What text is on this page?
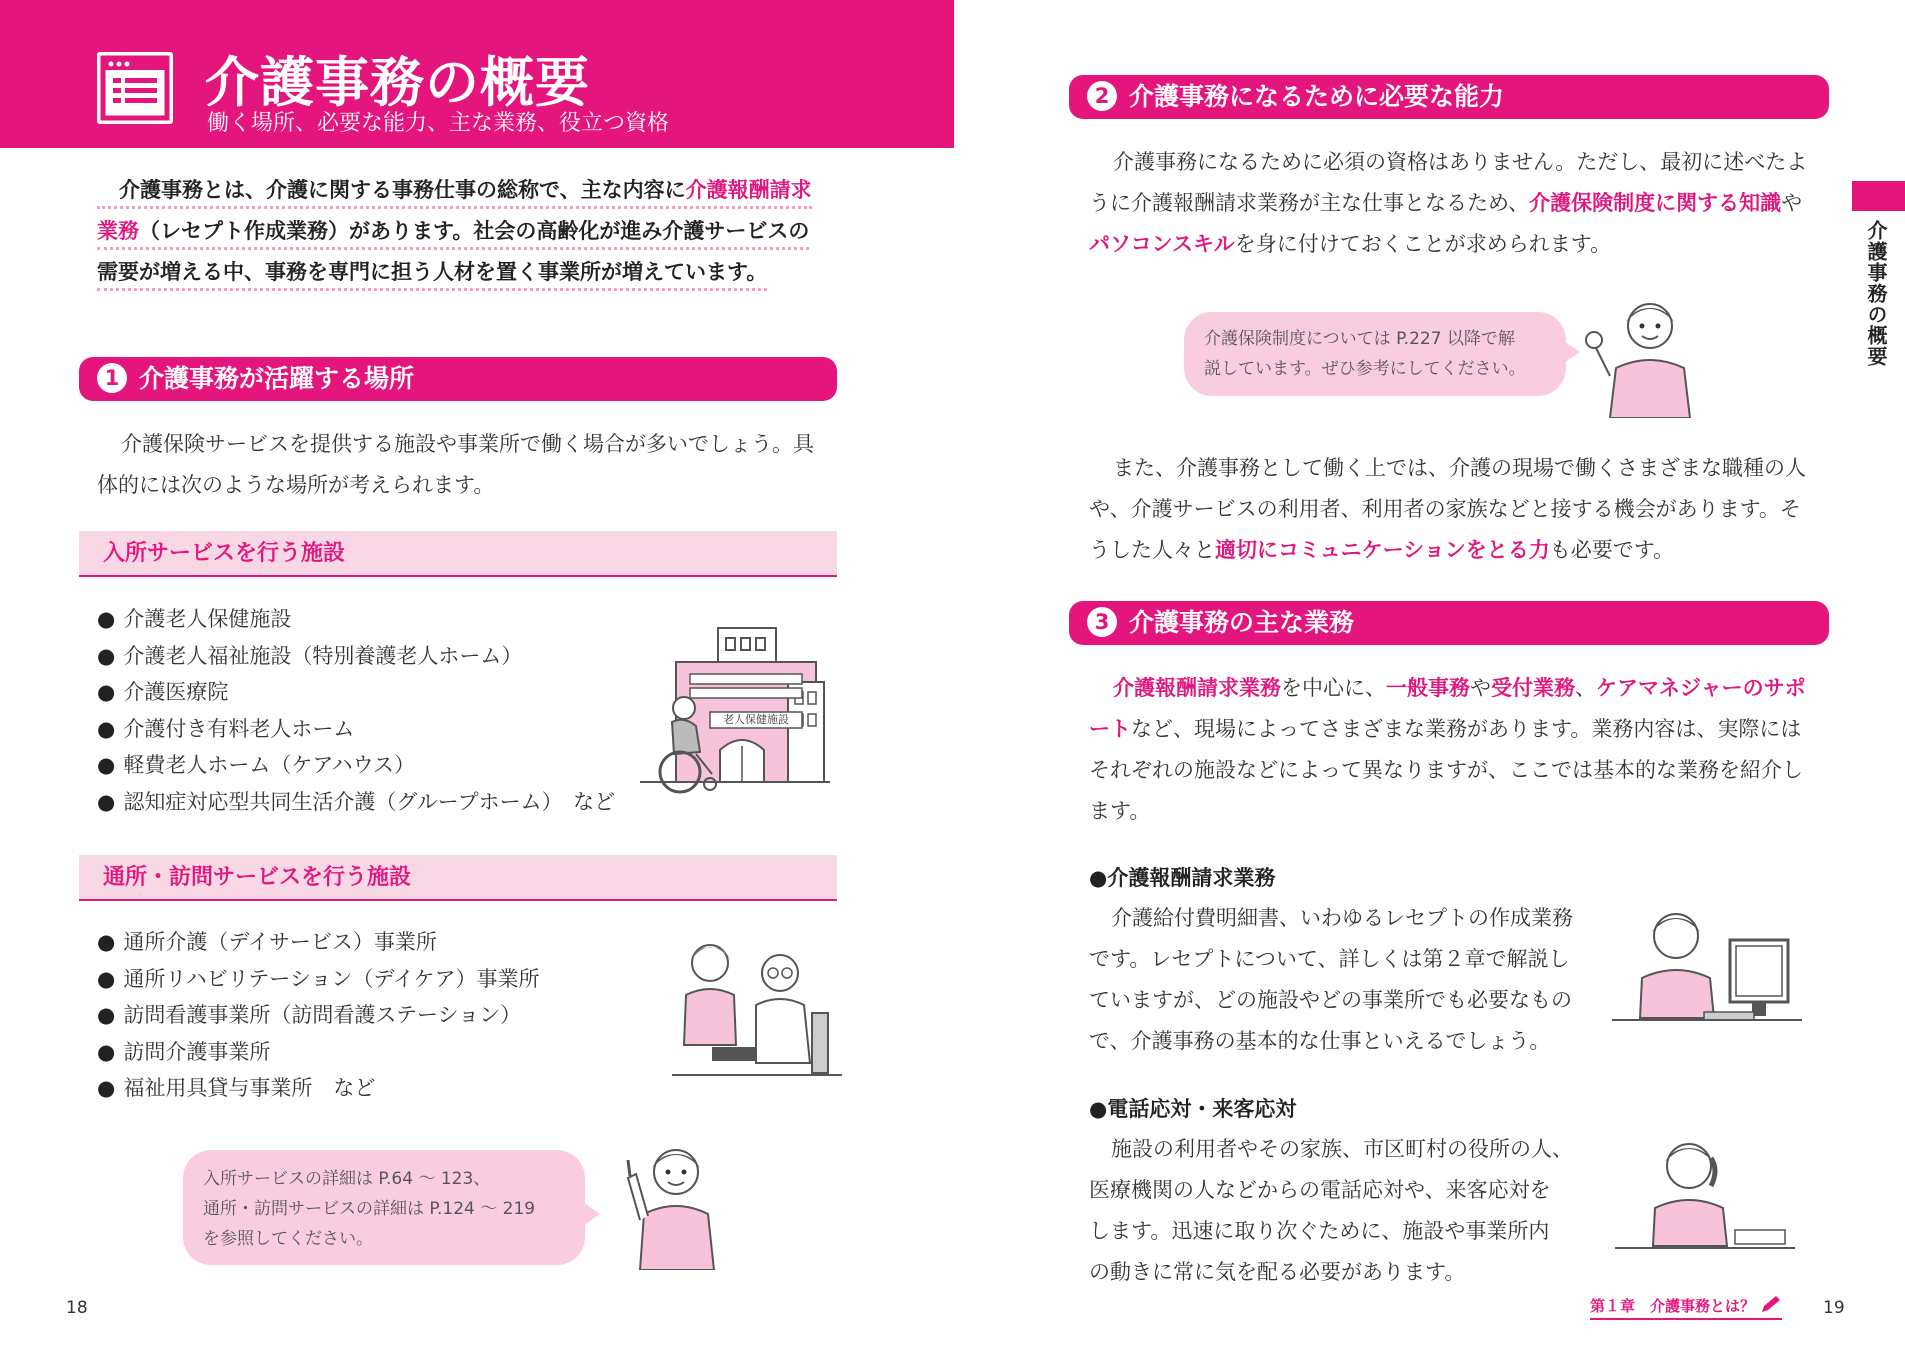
介護事務の概要
働く場所、必要な能力、主な業務、役立つ資格
介護事務とは、介護に関する事務仕事の総称で、主な内容に介護報酬請求
業務（レセプト作成業務）があります。社会の高齢化が進み介護サービスの
需要が増える中、事務を専門に担う人材を置く事業所が増えています。
1 介護事務が活躍する場所
介護保険サービスを提供する施設や事業所で働く場合が多いでしょう。具体的には次のような場所が考えられます。
入所サービスを行う施設
● 介護老人保健施設
● 介護老人福祉施設（特別養護老人ホーム）
● 介護医療院
● 介護付き有料老人ホーム
● 軽費老人ホーム（ケアハウス）
● 認知症対応型共同生活介護（グループホーム）　など
老人保健施設
通所・訪問サービスを行う施設
● 通所介護（デイサービス）事業所
● 通所リハビリテーション（デイケア）事業所
● 訪問看護事業所（訪問看護ステーション）
● 訪問介護事業所
● 福祉用具貸与事業所　など
入所サービスの詳細は P.64 ～ 123、
通所・訪問サービスの詳細は P.124 ～ 219
を参照してください。
18
2 介護事務になるために必要な能力
介護事務になるために必須の資格はありません。ただし、最初に述べたように介護報酬請求業務が主な仕事となるため、介護保険制度に関する知識やパソコンスキルを身に付けておくことが求められます。
介護保険制度については P.227 以降で解
説しています。ぜひ参考にしてください。
また、介護事務として働く上では、介護の現場で働くさまざまな職種の人や、介護サービスの利用者、利用者の家族などと接する機会があります。そうした人々と適切にコミュニケーションをとる力も必要です。
3 介護事務の主な業務
介護報酬請求業務を中心に、一般事務や受付業務、ケアマネジャーのサポートなど、現場によってさまざまな業務があります。業務内容は、実際にはそれぞれの施設などによって異なりますが、ここでは基本的な業務を紹介します。
●介護報酬請求業務
介護給付費明細書、いわゆるレセプトの作成業務
です。レセプトについて、詳しくは第２章で解説し
ていますが、どの施設やどの事業所でも必要なもの
で、介護事務の基本的な仕事といえるでしょう。
●電話応対・来客応対
施設の利用者やその家族、市区町村の役所の人、
医療機関の人などからの電話応対や、来客応対を
します。迅速に取り次ぐために、施設や事業所内
の動きに常に気を配る必要があります。
介護事務の概要
第１章　介護事務とは？	19
